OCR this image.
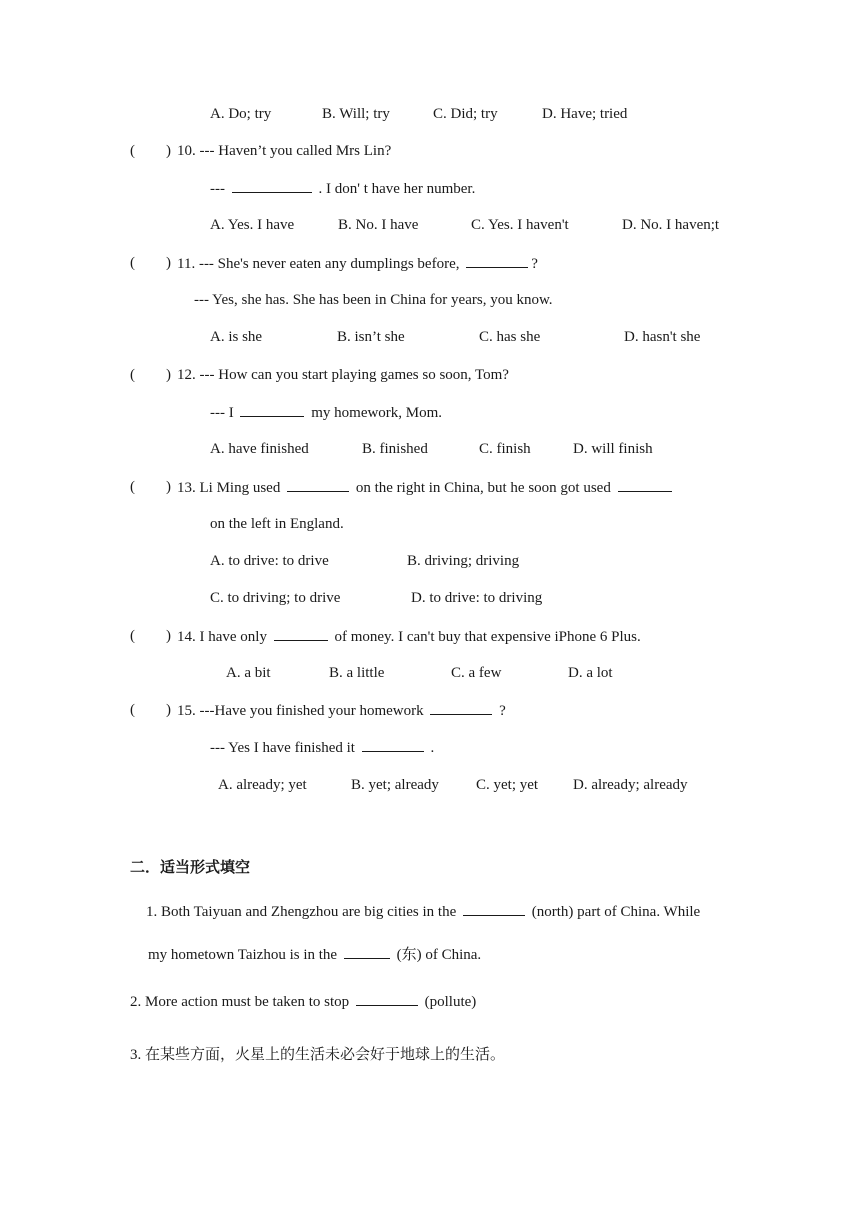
A. Do; try	B. Will; try	C. Did; try	D. Have; tried
( ) 10. --- Haven’t you called Mrs Lin?
---	. I don' t have her number.
A. Yes. I have	B. No. I have	C. Yes. I haven't	D. No. I haven;t
( ) 11. --- She's never eaten any dumplings before,	?
--- Yes, she has. She has been in China for years, you know.
A. is she	B. isn’t she	C. has she	D. hasn't she
( ) 12. --- How can you start playing games so soon, Tom?
--- I	my homework, Mom.
A. have finished	B. finished	C. finish	D. will finish
( ) 13. Li Ming used	on the right in China, but he soon got used
on the left in England.
A. to drive: to drive	B. driving; driving
C. to driving; to drive	D. to drive: to driving
( ) 14. I have only	of money. I can't buy that expensive iPhone 6 Plus.
A. a bit	B. a little	C. a few	D. a lot
( ) 15. ---Have you finished your homework	?
--- Yes I have finished it	.
A. already; yet	B. yet; already C. yet; yet D. already; already
二．适当形式填空
1. Both Taiyuan and Zhengzhou are big cities in the	(north) part of China. While
my hometown Taizhou is in the	(东) of China.
2. More action must be taken to stop	(pollute)
3. 在某些方面，火星上的生活未必会好于地球上的生活。
